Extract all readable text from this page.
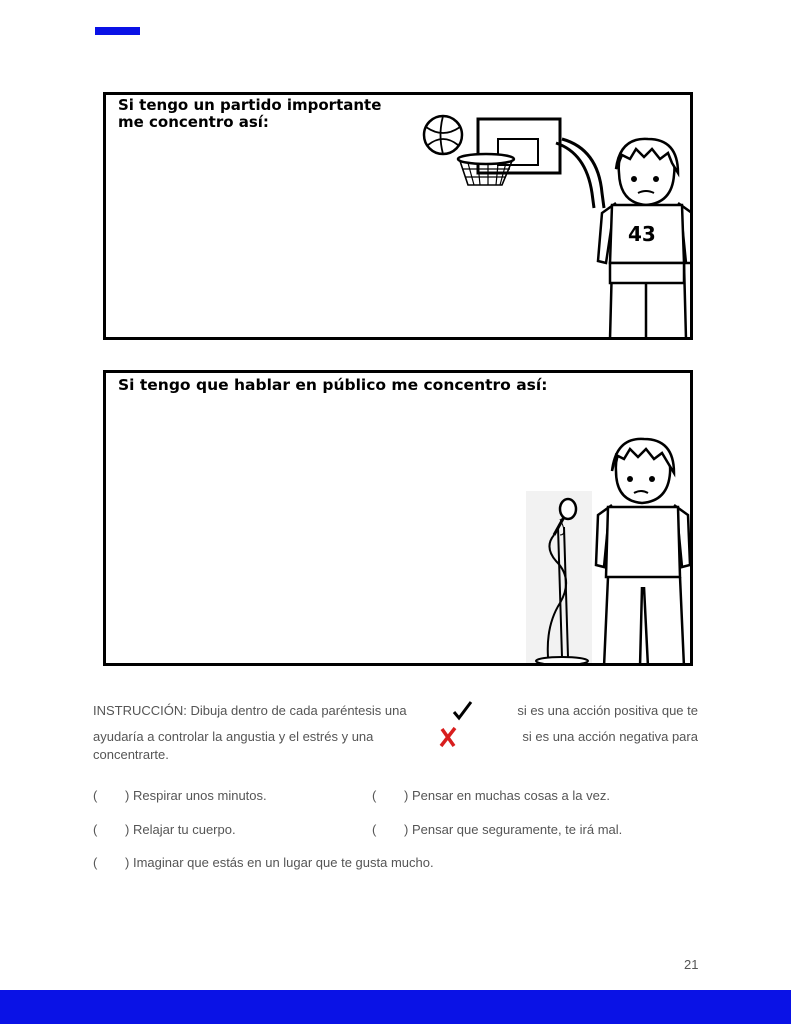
Si tengo un partido importante
me concentro así:
43
Si tengo que hablar en público me concentro así:
INSTRUCCIÓN: Dibuja dentro de cada paréntesis una	si es una acción positiva que te
ayudaría a controlar la angustia y el estrés y una	si es una acción negativa para
concentrarte.
( ) Respirar unos minutos.	( ) Pensar en muchas cosas a la vez.
( ) Relajar tu cuerpo.	( ) Pensar que seguramente, te irá mal.
( ) Imaginar que estás en un lugar que te gusta mucho.
21
